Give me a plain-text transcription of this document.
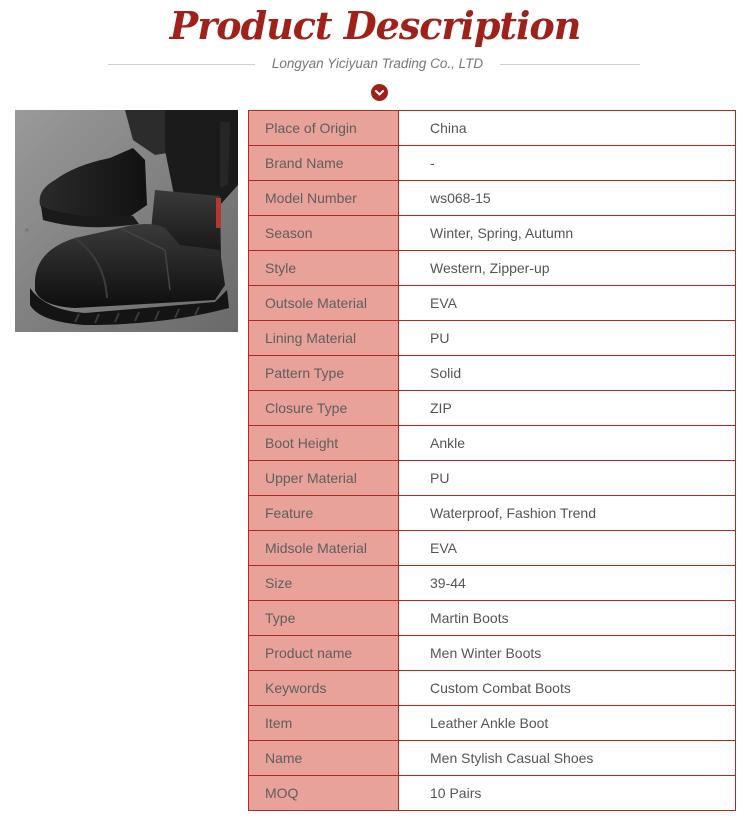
Product Description
Longyan Yiciyuan Trading Co., LTD
Place of Origin	China
Brand Name	-
Model Number	ws068-15
Season	Winter, Spring, Autumn
Style	Western, Zipper-up
Outsole Material	EVA
Lining Material	PU
Pattern Type	Solid
Closure Type	ZIP
Boot Height	Ankle
Upper Material	PU
Feature	Waterproof, Fashion Trend
Midsole Material	EVA
Size	39-44
Type	Martin Boots
Product name	Men Winter Boots
Keywords	Custom Combat Boots
Item	Leather Ankle Boot
Name	Men Stylish Casual Shoes
MOQ	10 Pairs
